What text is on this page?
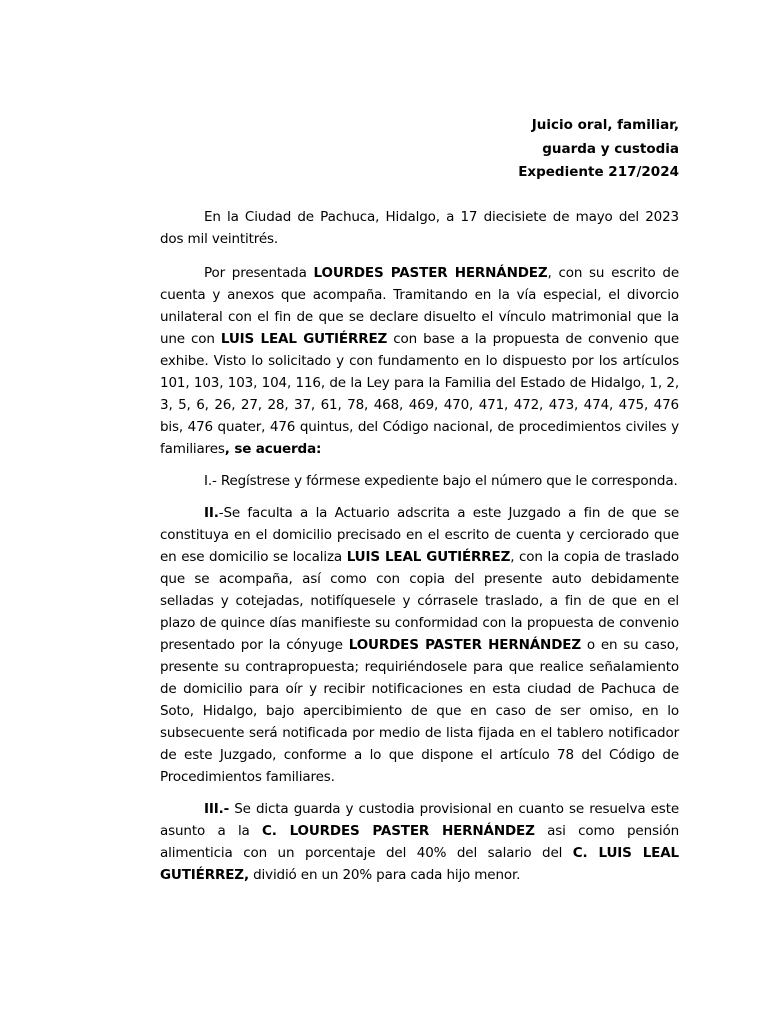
Juicio oral, familiar,
guarda y custodia
Expediente 217/2024

En la Ciudad de Pachuca, Hidalgo, a 17 diecisiete de mayo del 2023 dos mil veintitrés.

Por presentada LOURDES PASTER HERNÁNDEZ, con su escrito de cuenta y anexos que acompaña. Tramitando en la vía especial, el divorcio unilateral con el fin de que se declare disuelto el vínculo matrimonial que la une con LUIS LEAL GUTIÉRREZ con base a la propuesta de convenio que exhibe. Visto lo solicitado y con fundamento en lo dispuesto por los artículos 101, 103, 103, 104, 116, de la Ley para la Familia del Estado de Hidalgo, 1, 2, 3, 5, 6, 26, 27, 28, 37, 61, 78, 468, 469, 470, 471, 472, 473, 474, 475, 476 bis, 476 quater, 476 quintus, del Código nacional, de procedimientos civiles y familiares, se acuerda:

I.- Regístrese y fórmese expediente bajo el número que le corresponda.

II.-Se faculta a la Actuario adscrita a este Juzgado a fin de que se constituya en el domicilio precisado en el escrito de cuenta y cerciorado que en ese domicilio se localiza LUIS LEAL GUTIÉRREZ, con la copia de traslado que se acompaña, así como con copia del presente auto debidamente selladas y cotejadas, notifíquesele y córrasele traslado, a fin de que en el plazo de quince días manifieste su conformidad con la propuesta de convenio presentado por la cónyuge LOURDES PASTER HERNÁNDEZ o en su caso, presente su contrapropuesta; requiriéndosele para que realice señalamiento de domicilio para oír y recibir notificaciones en esta ciudad de Pachuca de Soto, Hidalgo, bajo apercibimiento de que en caso de ser omiso, en lo subsecuente será notificada por medio de lista fijada en el tablero notificador de este Juzgado, conforme a lo que dispone el artículo 78 del Código de Procedimientos familiares.

III.- Se dicta guarda y custodia provisional en cuanto se resuelva este asunto a la C. LOURDES PASTER HERNÁNDEZ asi como pensión alimenticia con un porcentaje del 40% del salario del C. LUIS LEAL GUTIÉRREZ, dividió en un 20% para cada hijo menor.
